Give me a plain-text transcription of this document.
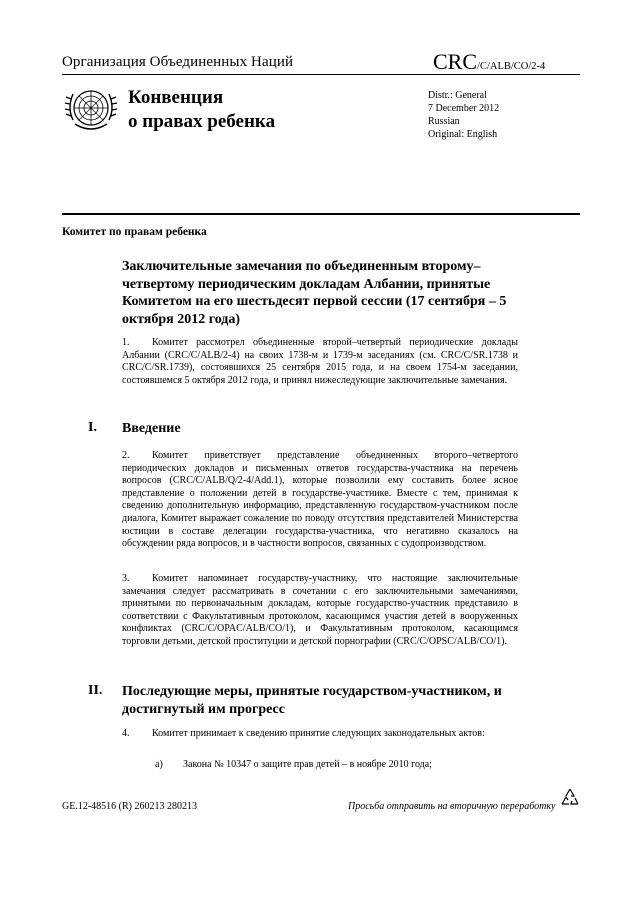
Организация Объединенных Наций	CRC/C/ALB/CO/2-4
Конвенция
о правах ребенка
Distr.: General
7 December 2012
Russian
Original: English
Комитет по правам ребенка
Заключительные замечания по объединенным второму–четвертому периодическим докладам Албании, принятые Комитетом на его шестьдесят первой сессии (17 сентября – 5 октября 2012 года)
1. Комитет рассмотрел объединенные второй–четвертый периодические доклады Албании (CRC/C/ALB/2-4) на своих 1738-м и 1739-м заседаниях (см. CRC/C/SR.1738 и CRC/C/SR.1739), состоявшихся 25 сентября 2015 года, и на своем 1754-м заседании, состоявшемся 5 октября 2012 года, и принял нижеследующие заключительные замечания.
I. Введение
2. Комитет приветствует представление объединенных второго–четвертого периодических докладов и письменных ответов государства-участника на перечень вопросов (CRC/C/ALB/Q/2-4/Add.1), которые позволили ему составить более ясное представление о положении детей в государстве-участнике. Вместе с тем, принимая к сведению дополнительную информацию, представленную государством-участником после диалога, Комитет выражает сожаление по поводу отсутствия представителей Министерства юстиции в составе делегации государства-участника, что негативно сказалось на обсуждении ряда вопросов, и в частности вопросов, связанных с судопроизводством.
3. Комитет напоминает государству-участнику, что настоящие заключительные замечания следует рассматривать в сочетании с его заключительными замечаниями, принятыми по первоначальным докладам, которые государство-участник представило в соответствии с Факультативным протоколом, касающимся участия детей в вооруженных конфликтах (CRC/C/OPAC/ALB/CO/1), и Факультативным протоколом, касающимся торговли детьми, детской проституции и детской порнографии (CRC/C/OPSC/ALB/CO/1).
II. Последующие меры, принятые государством-участником, и достигнутый им прогресс
4. Комитет принимает к сведению принятие следующих законодательных актов:
a) Закона № 10347 о защите прав детей – в ноябре 2010 года;
GE.12-48516 (R) 260213 280213	Просьба отправить на вторичную переработку
